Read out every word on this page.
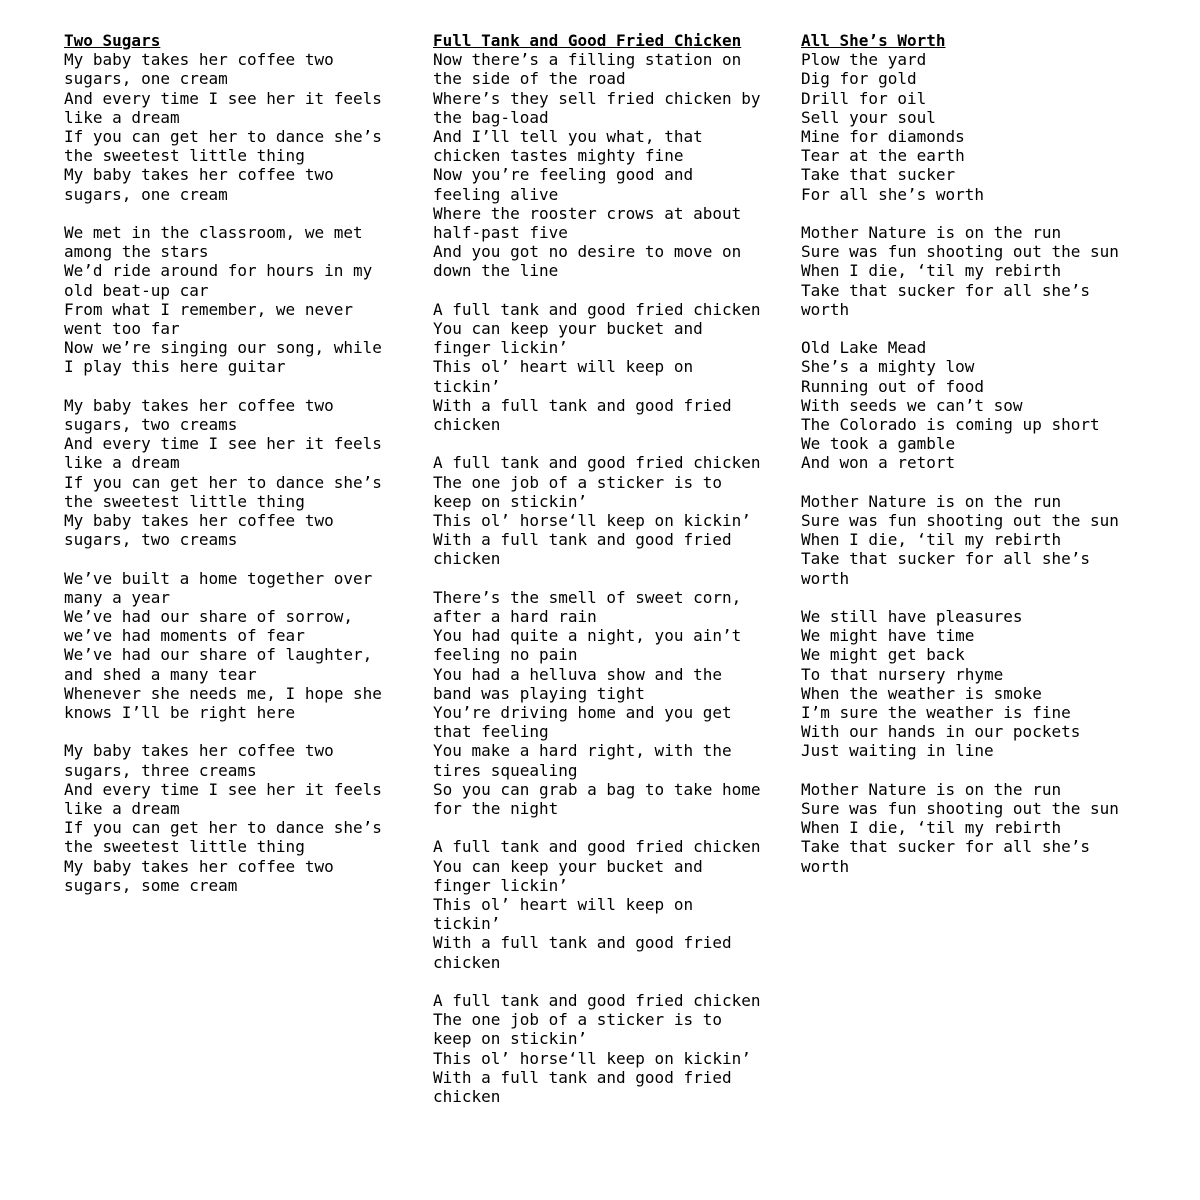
Two Sugars
My baby takes her coffee two
sugars, one cream
And every time I see her it feels
like a dream
If you can get her to dance she’s
the sweetest little thing
My baby takes her coffee two
sugars, one cream
We met in the classroom, we met
among the stars
We’d ride around for hours in my
old beat-up car
From what I remember, we never
went too far
Now we’re singing our song, while
I play this here guitar
My baby takes her coffee two
sugars, two creams
And every time I see her it feels
like a dream
If you can get her to dance she’s
the sweetest little thing
My baby takes her coffee two
sugars, two creams
We’ve built a home together over
many a year
We’ve had our share of sorrow,
we’ve had moments of fear
We’ve had our share of laughter,
and shed a many tear
Whenever she needs me, I hope she
knows I’ll be right here
My baby takes her coffee two
sugars, three creams
And every time I see her it feels
like a dream
If you can get her to dance she’s
the sweetest little thing
My baby takes her coffee two
sugars, some cream
Full Tank and Good Fried Chicken
Now there’s a filling station on
the side of the road
Where’s they sell fried chicken by
the bag-load
And I’ll tell you what, that
chicken tastes mighty fine
Now you’re feeling good and
feeling alive
Where the rooster crows at about
half-past five
And you got no desire to move on
down the line
A full tank and good fried chicken
You can keep your bucket and
finger lickin’
This ol’ heart will keep on
tickin’
With a full tank and good fried
chicken
A full tank and good fried chicken
The one job of a sticker is to
keep on stickin’
This ol’ horse‘ll keep on kickin’
With a full tank and good fried
chicken
There’s the smell of sweet corn,
after a hard rain
You had quite a night, you ain’t
feeling no pain
You had a helluva show and the
band was playing tight
You’re driving home and you get
that feeling
You make a hard right, with the
tires squealing
So you can grab a bag to take home
for the night
A full tank and good fried chicken
You can keep your bucket and
finger lickin’
This ol’ heart will keep on
tickin’
With a full tank and good fried
chicken
A full tank and good fried chicken
The one job of a sticker is to
keep on stickin’
This ol’ horse‘ll keep on kickin’
With a full tank and good fried
chicken
All She’s Worth
Plow the yard
Dig for gold
Drill for oil
Sell your soul
Mine for diamonds
Tear at the earth
Take that sucker
For all she’s worth
Mother Nature is on the run
Sure was fun shooting out the sun
When I die, ‘til my rebirth
Take that sucker for all she’s
worth
Old Lake Mead
She’s a mighty low
Running out of food
With seeds we can’t sow
The Colorado is coming up short
We took a gamble
And won a retort
Mother Nature is on the run
Sure was fun shooting out the sun
When I die, ‘til my rebirth
Take that sucker for all she’s
worth
We still have pleasures
We might have time
We might get back
To that nursery rhyme
When the weather is smoke
I’m sure the weather is fine
With our hands in our pockets
Just waiting in line
Mother Nature is on the run
Sure was fun shooting out the sun
When I die, ‘til my rebirth
Take that sucker for all she’s
worth
